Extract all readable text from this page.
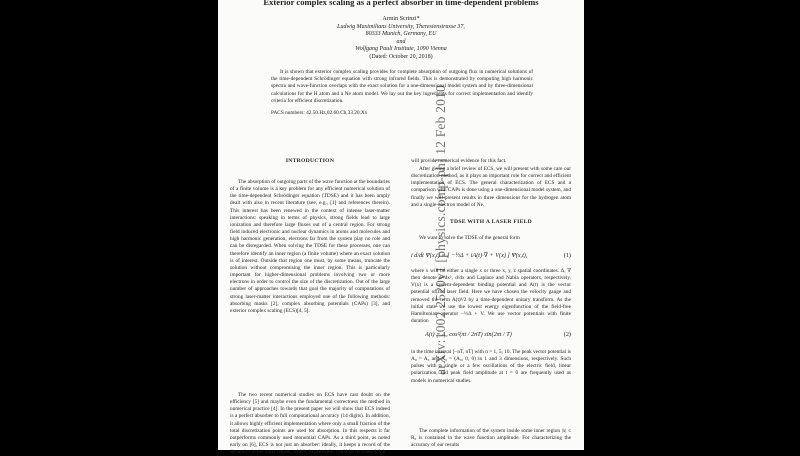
arXiv:1002.2520v1 [physics.comp-ph] 12 Feb 2010
Exterior complex scaling as a perfect absorber in time-dependent problems
Armin Scrinzi*
Ludwig Maximilians University, Theresienstrasse 37,
80333 Munich, Germany, EU
and
Wolfgang Pauli Institute, 1090 Vienna
(Dated: October 20, 2018)
It is shown that exterior complex scaling provides for complete absorption of outgoing flux in numerical solutions of the time-dependent Schrödinger equation with strong infrared fields. This is demonstrated by computing high harmonic spectra and wave-function overlaps with the exact solution for a one-dimensional model system and by three-dimensional calculations for the H atom and a Ne atom model. We lay out the key ingredients for correct implementation and identify criteria for efficient discretization.
PACS numbers: 42.50.Hz,02.60.Cb,33.20.Xx
INTRODUCTION
The absorption of outgoing parts of the wave function at the boundaries of a finite volume is a key problem for any efficient numerical solution of the time-dependent Schrödinger equation (TDSE) and it has been amply dealt with also in recent literature (see, e.g., [1] and references therein). This interest has been renewed in the context of intense laser-matter interactions: speaking in terms of physics, strong fields lead to large ionization and therefore large fluxes out of a central region. For strong field induced electronic and nuclear dynamics in atoms and molecules and high harmonic generation, electrons far from the system play no role and can be disregarded. When solving the TDSE for these processes, one can therefore identify an inner region (a finite volume) where an exact solution is of interest. Outside that region one must, by some means, truncate the solution without compromising the inner region. This is particularly important for higher-dimensional problems involving two or more electrons in order to control the size of the discretization. Out of the large number of approaches towards that goal the majority of computations of strong laser-matter interactions employed one of the following methods: absorbing masks [2], complex absorbing potentials (CAPs) [3], and exterior complex scaling (ECS)[4, 5].
The two recent numerical studies on ECS have cast doubt on the efficiency [5] and maybe even the fundamental correctness the method in numerical practice [4]. In the present paper we will show that ECS indeed is a perfect absorber to full computational accuracy (14 digits). In addition, it allows highly efficient implementation where only a small fraction of the total discretization points are used for absorption. In this respects it far outperforms commonly used monomial CAPs. As a third point, as noted early on [6], ECS is not just an absorber: ideally, it keeps a record of the dynamics in the outer region, which, in principle, could be recovered. We
will provide numerical evidence for this fact.
After giving a brief review of ECS, we will present with some care our discretization method, as it plays an important role for correct and efficient implementation of ECS. The general characterization of ECS and a comparison with CAPs is done using a one-dimensional model system, and finally we will present results in three dimensions for the hydrogen atom and a single-electron model of Ne.
TDSE WITH A LASER FIELD
We want to solve the TDSE of the general form
i d/dt Ψ(x,t) = [ −½Δ + iA(t)·∇ + V(x) ] Ψ(x,t),	(1)
where x will be either a single x or three x, y, z spatial coordinates. Δ, ∇ then denote d²/dx², d/dx and Laplace and Nabla operators, respectively. V(x) is a system-dependent binding potential and A(t) is the vector potential of the laser field. Here we have chosen the velocity gauge and removed the term A(t)²/2 by a time-dependent unitary transform. As the initial state we use the lowest energy eigenfunction of the field-free Hamiltonian operator −½Δ + V. We use vector potentials with finite duration
A(t) = A₀ cos²(πt / 2nT) sin(2πt / T)	(2)
in the time interval [−nT, nT] with n = 1, 5, 10. The peak vector potential is A₀ = A₀ and A₀ = (A₀, 0, 0) in 1 and 3 dimensions, respectively. Such pulses with a single or a few oscillations of the electric field, linear polarization, and peak field amplitude at t = 0 are frequently used as models in numerical studies.
The complete information of the system inside some inner region |x| ≤ R₀ is contained in the wave function amplitude. For characterizing the accuracy of our results
